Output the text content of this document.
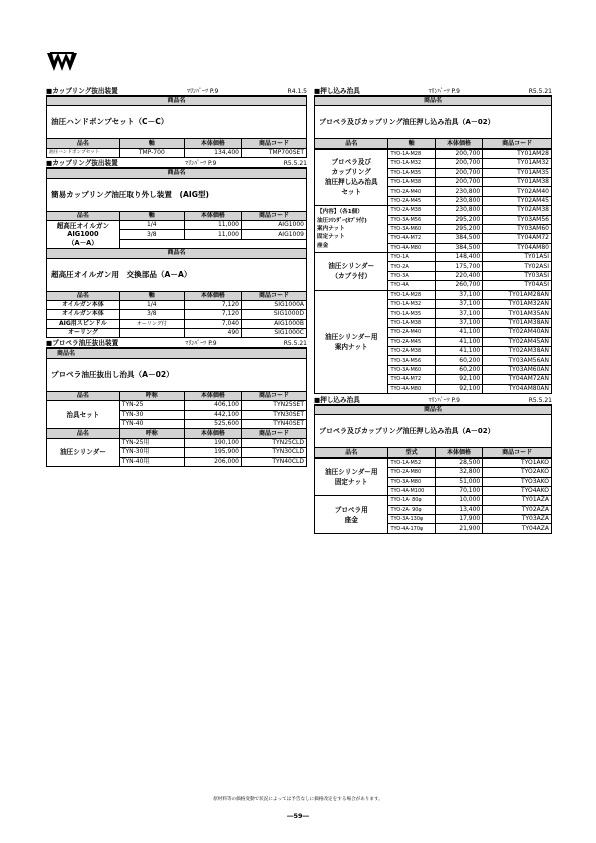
■カップリング抜出装置	ﾏﾘﾝﾊﾟｰﾂ P.9	R4.1.5
商品名			
油圧ハンドポンプセット（C－C）			
品名	軸	本体価格	商品コード
油圧ハンドポンプセット	TMP-700	134,400	TMP700SET
■カップリング抜出装置	ﾏﾘﾝﾊﾟｰﾂ P.9	R5.5.21
商品名			
簡易カップリング油圧取り外し装置　(AIG型)			
品名	軸	本体価格	商品コード
超高圧オイルガン
AIG1000
（A－A）	1/4	11,000	AIG1000
	3/8	11,000	AIG1009

商品名			
超高圧オイルガン用　交換部品（A－A）			
品名	軸	本体価格	商品コード
オイルガン本体	1/4	7,120	SIG1000A
オイルガン本体	3/8	7,120	SIG1000D
AIG用スピンドル	オーリング付	7,040	AIG1000B
オーリング		490	SIG1000C
■プロペラ油圧抜出装置	ﾏﾘﾝﾊﾟｰﾂ P.9	R5.5.21
商品名			
プロペラ油圧抜出し治具（A－02）			
品名	呼称	本体価格	商品コード
治具セット	TYN-25	406,100	TYN25SET
	TYN-30	442,100	TYN30SET
	TYN-40	525,600	TYN40SET
品名	呼称	本体価格	商品コード
油圧シリンダー	TYN-25用	190,100	TYN25CLD
	TYN-30用	195,900	TYN30CLD
	TYN-40用	206,000	TYN40CLD
■押し込み治具	ﾏﾘﾝﾊﾟｰﾂ P.9	R5.5.21
商品名
プロペラ及びカップリング油圧押し込み治具（A－02）
品名	軸	本体価格	商品コード
プロペラ及び
カップリング
油圧押し込み治具
セット	TYO-1A-M28	200,700	TY01AM28
	TYO-1A-M32	200,700	TY01AM32
	TYO-1A-M35	200,700	TY01AM35
	TYO-1A-M38	200,700	TY01AM38
	TYO-2A-M40	230,800	TY02AM40
	TYO-2A-M45	230,800	TY02AM45
【内容】（各1個）
油圧ｼﾘﾝﾀﾞｰ(ｶﾌﾟﾗ付)
案内ナット
固定ナット
座金	TYO-2A-M38	230,800	TY02AM38
	TYO-3A-M56	295,200	TY03AM56
	TYO-3A-M60	295,200	TY03AM60
	TYO-4A-M72	384,500	TY04AM72
	TYO-4A-M80	384,500	TY04AM80
油圧シリンダー
（カプラ付）	TYO-1A	148,400	TY01ASI
	TYO-2A	175,700	TY02ASI
	TYO-3A	220,400	TY03ASI
	TYO-4A	260,700	TY04ASI
油圧シリンダー用
案内ナット	TYO-1A-M28	37,100	TY01AM28AN
	TYO-1A-M32	37,100	TY01AM32AN
	TYO-1A-M35	37,100	TY01AM35AN
	TYO-1A-M38	37,100	TY01AM38AN
	TYO-2A-M40	41,100	TY02AM40AN
	TYO-2A-M45	41,100	TY02AM45AN
	TYO-2A-M38	41,100	TY02AM38AN
	TYO-3A-M56	60,200	TY03AM56AN
	TYO-3A-M60	60,200	TY03AM60AN
	TYO-4A-M72	92,100	TY04AM72AN
	TYO-4A-M80	92,100	TY04AM80AN
■押し込み治具	ﾏﾘﾝﾊﾟｰﾂ P.9	R5.5.21
商品名
プロペラ及びカップリング油圧押し込み治具（A－02）
品名	型式	本体価格	商品コード
油圧シリンダー用
固定ナット	TYO-1A-M52	28,500	TYO1AKO
	TYO-2A-M80	32,800	TYO2AKO
	TYO-3A-M80	51,000	TYO3AKO
	TYO-4A-M100	70,100	TYO4AKO
プロペラ用
座金	TYO-1A- 80φ	10,000	TY01AZA
	TYO-2A- 90φ	13,400	TY02AZA
	TYO-3A-130φ	17,900	TY03AZA
	TYO-4A-170φ	21,900	TY04AZA
原材料等の価格変動で状況によっては予告なしに価格改定をする場合があります。
―59―
